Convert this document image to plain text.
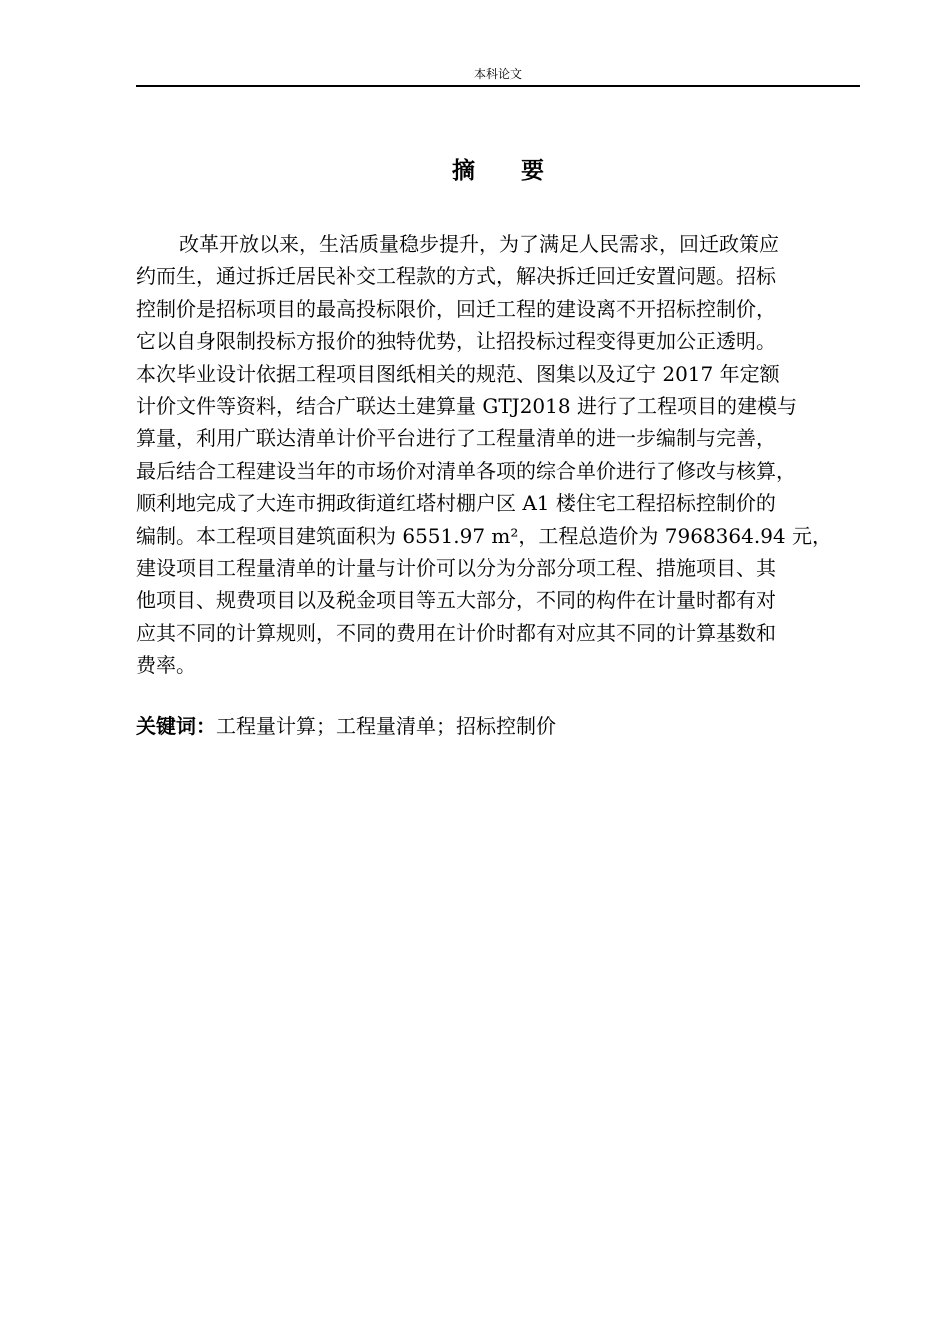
本科论文
摘 要
改革开放以来，生活质量稳步提升，为了满足人民需求，回迁政策应
约而生，通过拆迁居民补交工程款的方式，解决拆迁回迁安置问题。招标
控制价是招标项目的最高投标限价，回迁工程的建设离不开招标控制价，
它以自身限制投标方报价的独特优势，让招投标过程变得更加公正透明。
本次毕业设计依据工程项目图纸相关的规范、图集以及辽宁 2017 年定额
计价文件等资料，结合广联达土建算量 GTJ2018 进行了工程项目的建模与
算量，利用广联达清单计价平台进行了工程量清单的进一步编制与完善，
最后结合工程建设当年的市场价对清单各项的综合单价进行了修改与核算，
顺利地完成了大连市拥政街道红塔村棚户区 A1 楼住宅工程招标控制价的
编制。本工程项目建筑面积为 6551.97 m²，工程总造价为 7968364.94 元，
建设项目工程量清单的计量与计价可以分为分部分项工程、措施项目、其
他项目、规费项目以及税金项目等五大部分，不同的构件在计量时都有对
应其不同的计算规则，不同的费用在计价时都有对应其不同的计算基数和
费率。
关键词：工程量计算；工程量清单；招标控制价
